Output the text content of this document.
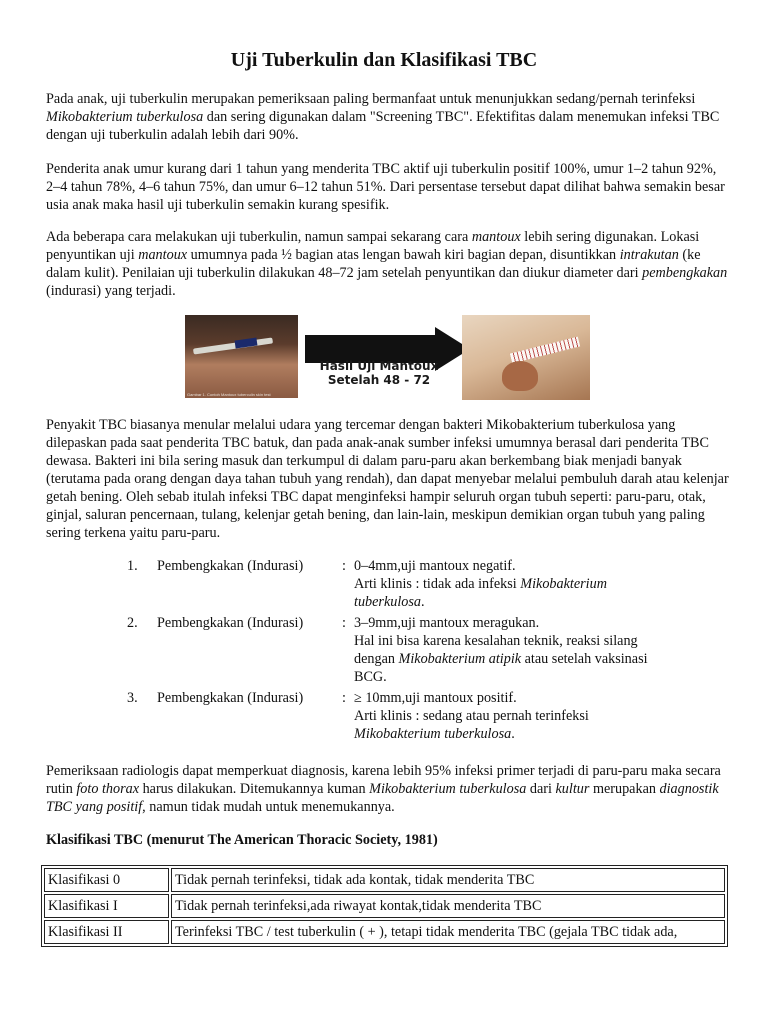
Uji Tuberkulin dan Klasifikasi TBC

Pada anak, uji tuberkulin merupakan pemeriksaan paling bermanfaat untuk menunjukkan sedang/pernah terinfeksi Mikobakterium tuberkulosa dan sering digunakan dalam "Screening TBC". Efektifitas dalam menemukan infeksi TBC dengan uji tuberkulin adalah lebih dari 90%.

Penderita anak umur kurang dari 1 tahun yang menderita TBC aktif uji tuberkulin positif 100%, umur 1–2 tahun 92%, 2–4 tahun 78%, 4–6 tahun 75%, dan umur 6–12 tahun 51%. Dari persentase tersebut dapat dilihat bahwa semakin besar usia anak maka hasil uji tuberkulin semakin kurang spesifik.

Ada beberapa cara melakukan uji tuberkulin, namun sampai sekarang cara mantoux lebih sering digunakan. Lokasi penyuntikan uji mantoux umumnya pada ½ bagian atas lengan bawah kiri bagian depan, disuntikkan intrakutan (ke dalam kulit). Penilaian uji tuberkulin dilakukan 48–72 jam setelah penyuntikan dan diukur diameter dari pembengkakan (indurasi) yang terjadi.

Gambar 1. Contoh Mantoux tuberculin skin test
Hasil Uji Mantoux
Setelah 48 - 72

Penyakit TBC biasanya menular melalui udara yang tercemar dengan bakteri Mikobakterium tuberkulosa yang dilepaskan pada saat penderita TBC batuk, dan pada anak-anak sumber infeksi umumnya berasal dari penderita TBC dewasa. Bakteri ini bila sering masuk dan terkumpul di dalam paru-paru akan berkembang biak menjadi banyak (terutama pada orang dengan daya tahan tubuh yang rendah), dan dapat menyebar melalui pembuluh darah atau kelenjar getah bening. Oleh sebab itulah infeksi TBC dapat menginfeksi hampir seluruh organ tubuh seperti: paru-paru, otak, ginjal, saluran pencernaan, tulang, kelenjar getah bening, dan lain-lain, meskipun demikian organ tubuh yang paling sering terkena yaitu paru-paru.

1. Pembengkakan (Indurasi)	: 0–4mm,uji mantoux negatif.
Arti klinis : tidak ada infeksi Mikobakterium tuberkulosa.
2. Pembengkakan (Indurasi)	: 3–9mm,uji mantoux meragukan.
Hal ini bisa karena kesalahan teknik, reaksi silang dengan Mikobakterium atipik atau setelah vaksinasi BCG.
3. Pembengkakan (Indurasi)	: ≥ 10mm,uji mantoux positif.
Arti klinis : sedang atau pernah terinfeksi Mikobakterium tuberkulosa.

Pemeriksaan radiologis dapat memperkuat diagnosis, karena lebih 95% infeksi primer terjadi di paru-paru maka secara rutin foto thorax harus dilakukan. Ditemukannya kuman Mikobakterium tuberkulosa dari kultur merupakan diagnostik TBC yang positif, namun tidak mudah untuk menemukannya.

Klasifikasi TBC (menurut The American Thoracic Society, 1981)

Klasifikasi 0	Tidak pernah terinfeksi, tidak ada kontak, tidak menderita TBC
Klasifikasi I	Tidak pernah terinfeksi,ada riwayat kontak,tidak menderita TBC
Klasifikasi II	Terinfeksi TBC / test tuberkulin ( + ), tetapi tidak menderita TBC (gejala TBC tidak ada,
